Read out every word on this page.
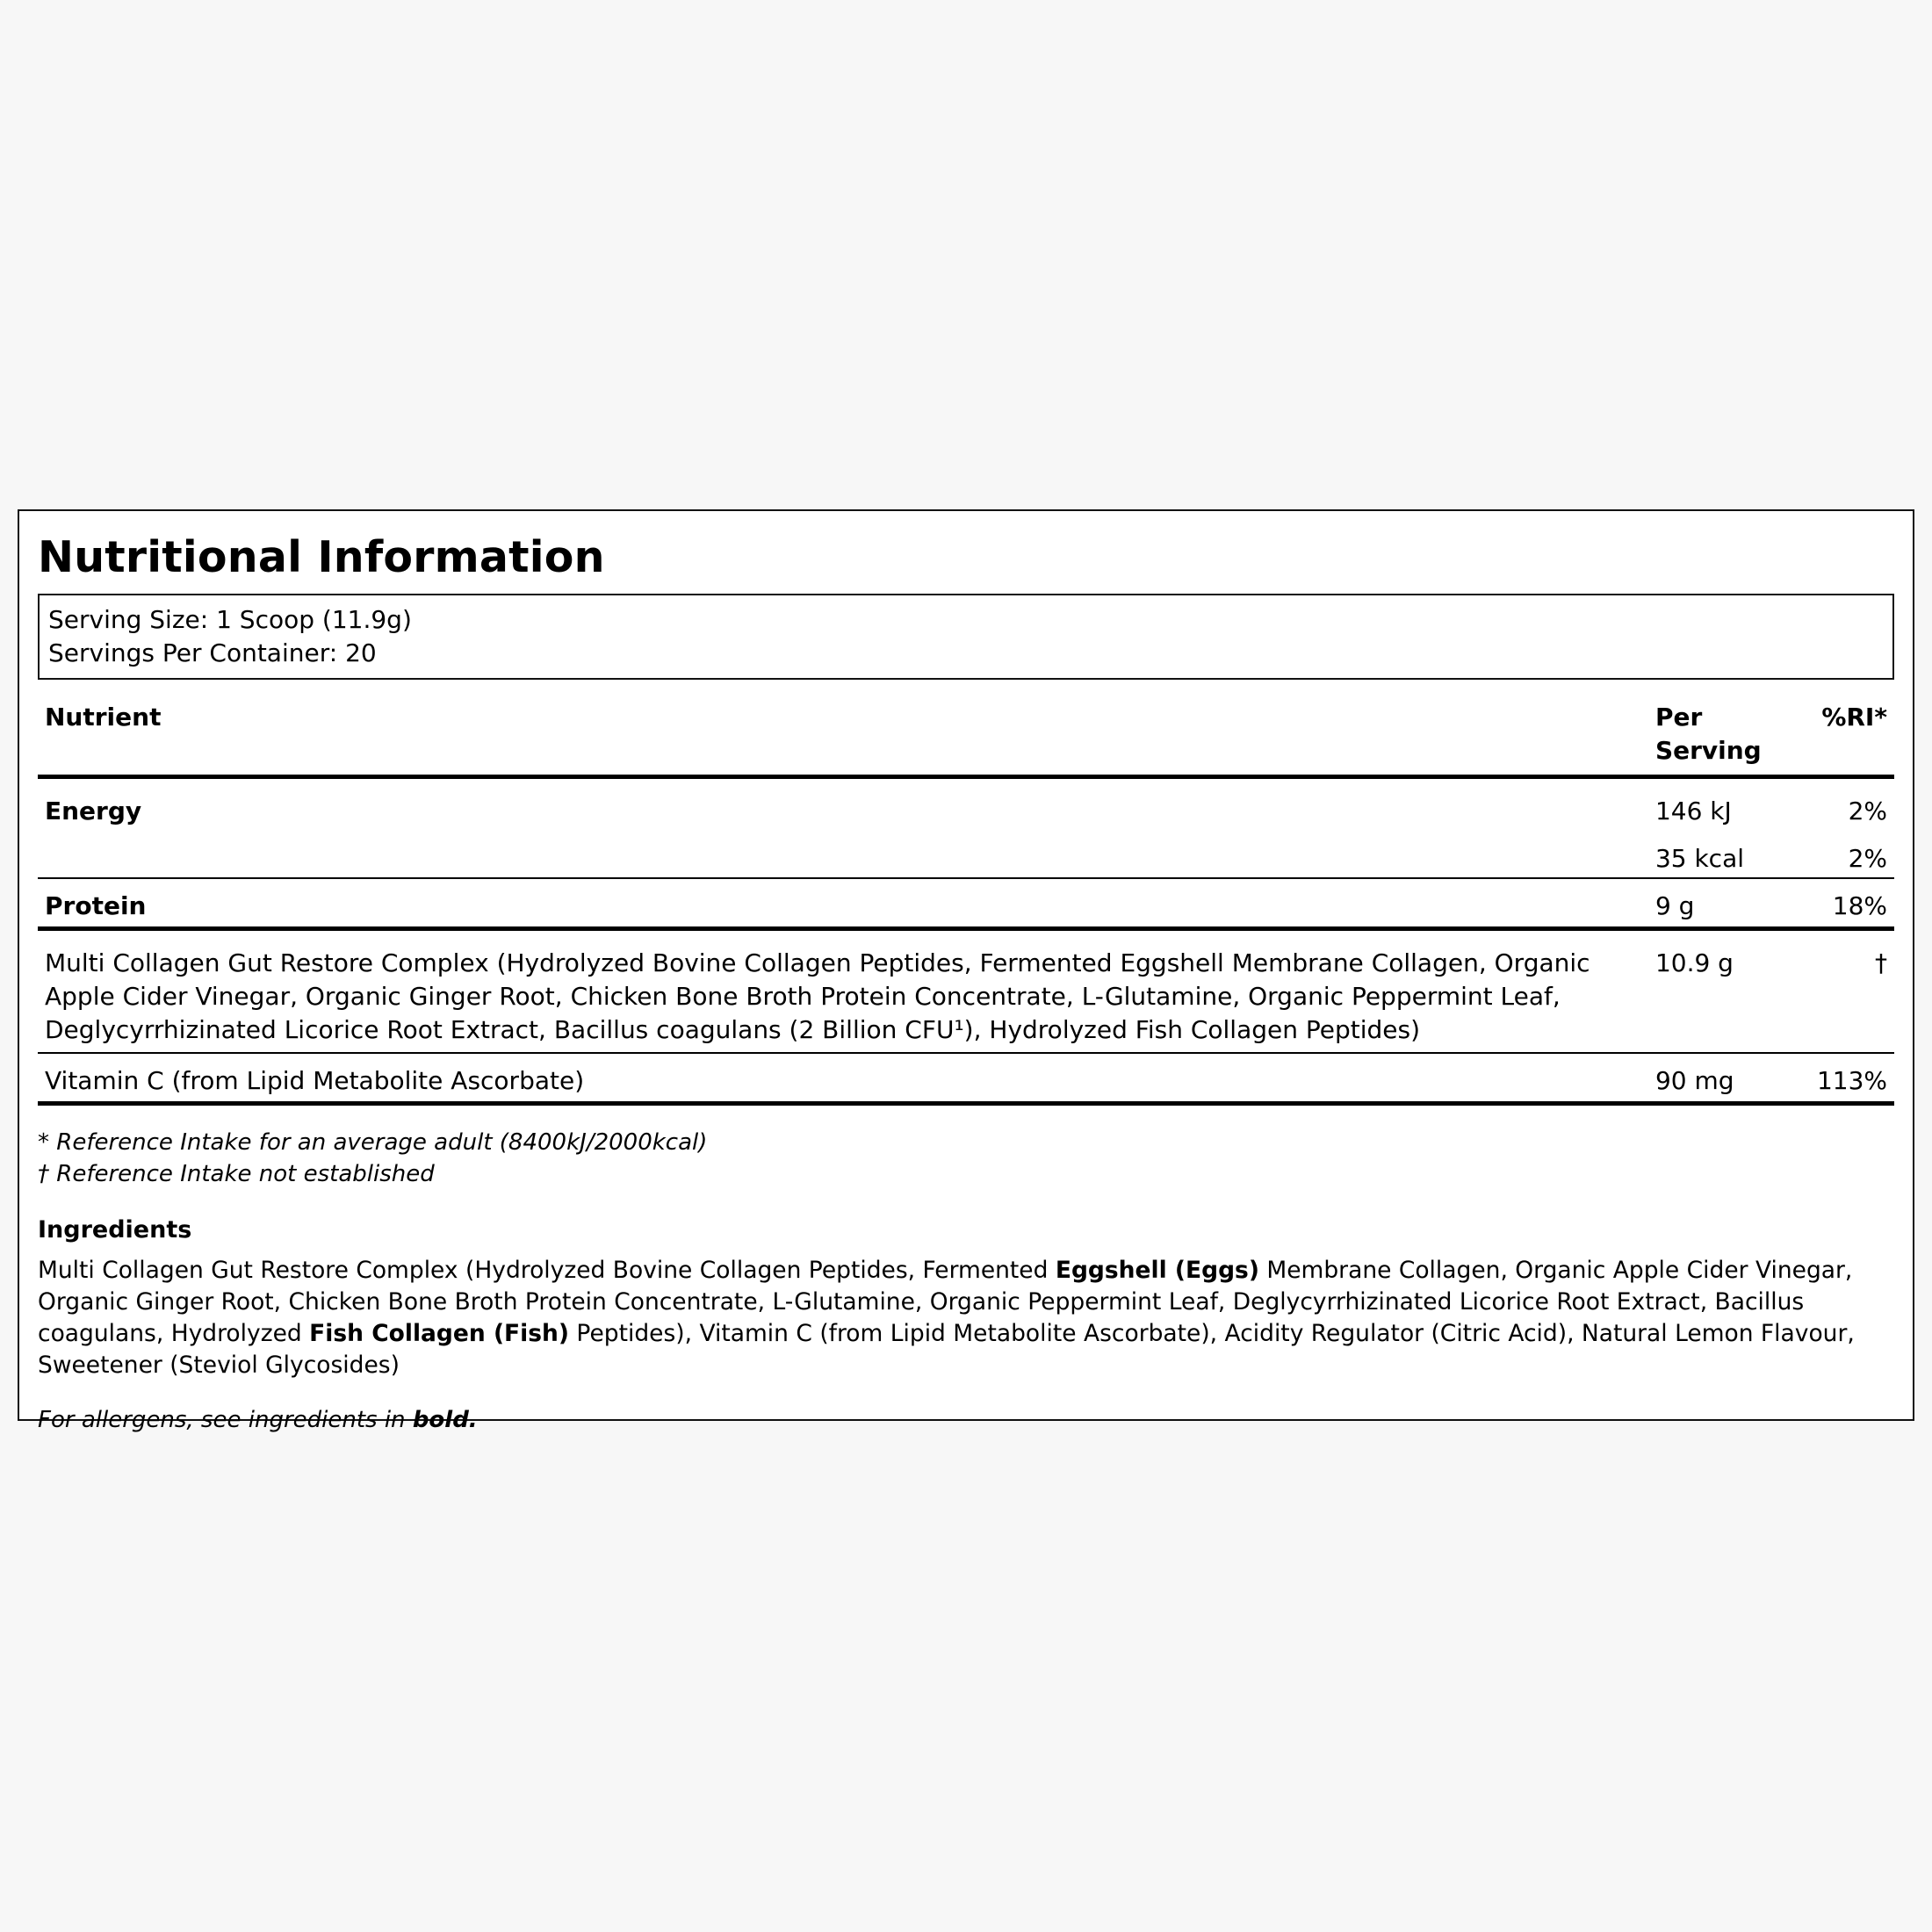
Nutritional Information
Serving Size: 1 Scoop (11.9g)
Servings Per Container: 20
Nutrient	Per Serving	%RI*
Energy	146 kJ	2%
	35 kcal	2%
Protein	9 g	18%
Multi Collagen Gut Restore Complex (Hydrolyzed Bovine Collagen Peptides, Fermented Eggshell Membrane Collagen, Organic Apple Cider Vinegar, Organic Ginger Root, Chicken Bone Broth Protein Concentrate, L-Glutamine, Organic Peppermint Leaf, Deglycyrrhizinated Licorice Root Extract, Bacillus coagulans (2 Billion CFU¹), Hydrolyzed Fish Collagen Peptides)	10.9 g	†
Vitamin C (from Lipid Metabolite Ascorbate)	90 mg	113%
* Reference Intake for an average adult (8400kJ/2000kcal)
† Reference Intake not established
Ingredients
Multi Collagen Gut Restore Complex (Hydrolyzed Bovine Collagen Peptides, Fermented Eggshell (Eggs) Membrane Collagen, Organic Apple Cider Vinegar, Organic Ginger Root, Chicken Bone Broth Protein Concentrate, L-Glutamine, Organic Peppermint Leaf, Deglycyrrhizinated Licorice Root Extract, Bacillus coagulans, Hydrolyzed Fish Collagen (Fish) Peptides), Vitamin C (from Lipid Metabolite Ascorbate), Acidity Regulator (Citric Acid), Natural Lemon Flavour, Sweetener (Steviol Glycosides)
For allergens, see ingredients in bold.
